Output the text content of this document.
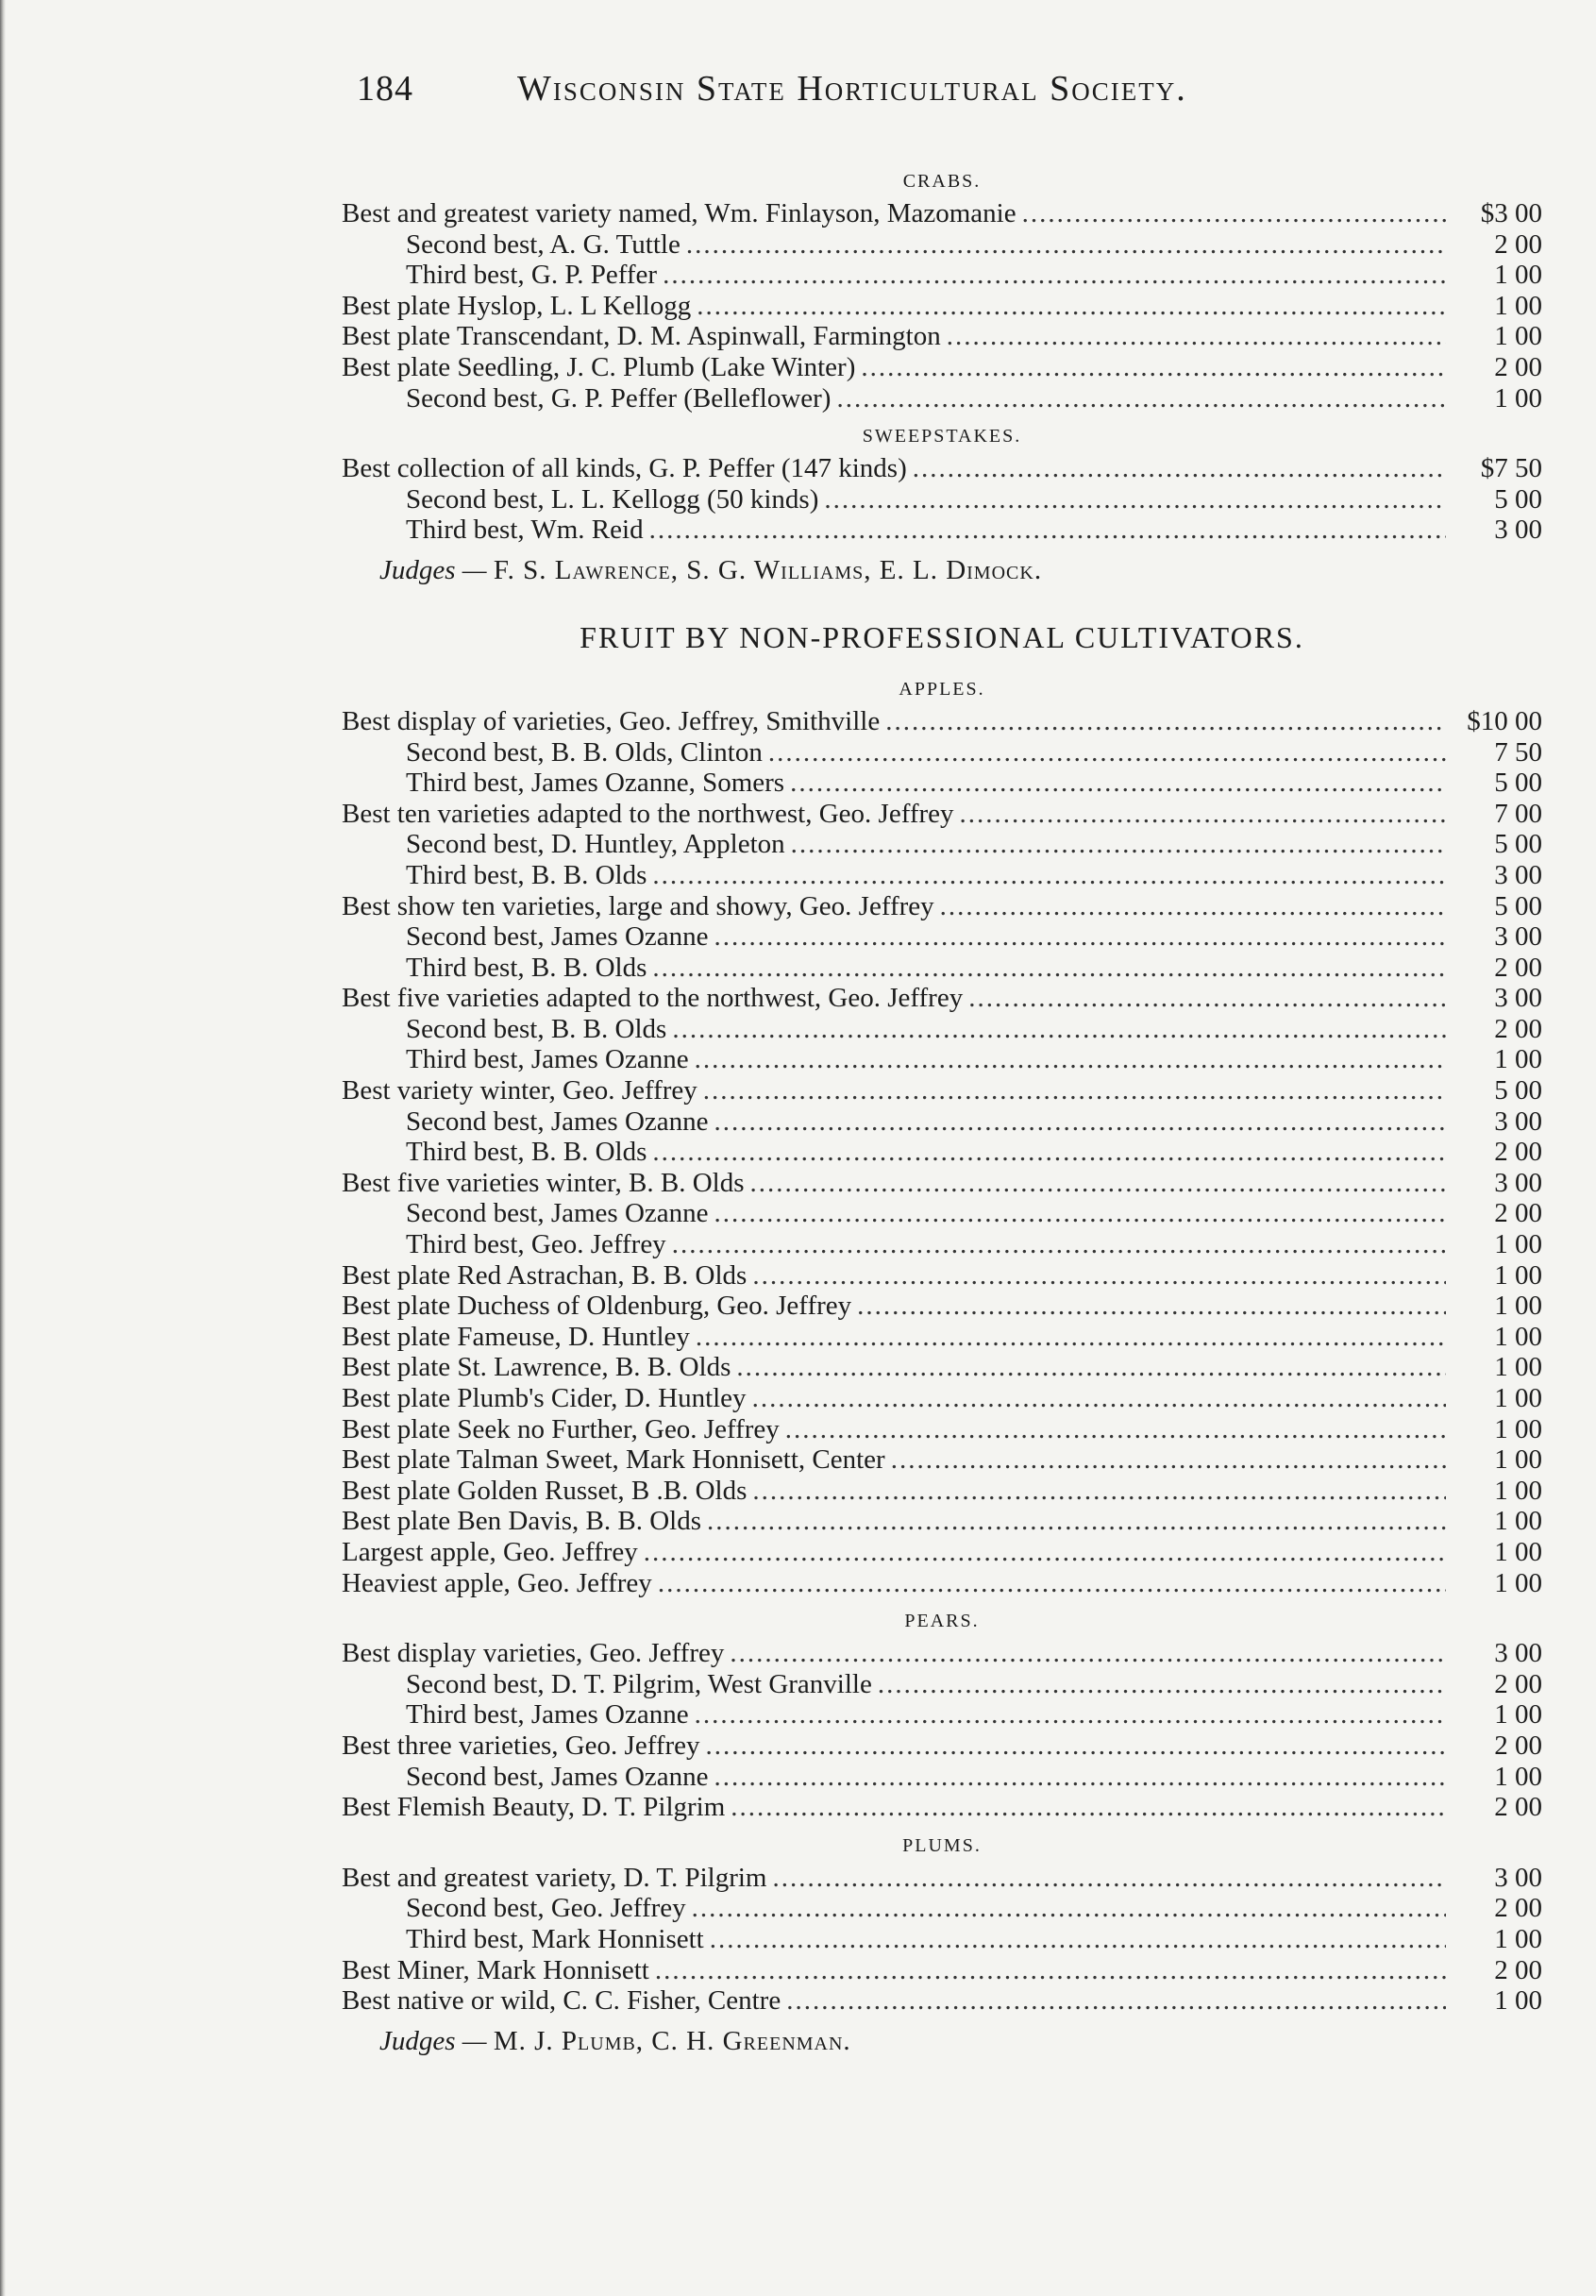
184	Wisconsin State Horticultural Society.
CRABS.
Best and greatest variety named, Wm. Finlayson, Mazomanie .....	$3 00
Second best, A. G. Tuttle .....	2 00
Third best, G. P. Peffer .....	1 00
Best plate Hyslop, L. L Kellogg .....	1 00
Best plate Transcendant, D. M. Aspinwall, Farmington .....	1 00
Best plate Seedling, J. C. Plumb (Lake Winter) .....	2 00
Second best, G. P. Peffer (Belleflower) .....	1 00
SWEEPSTAKES.
Best collection of all kinds, G. P. Peffer (147 kinds) .....	$7 50
Second best, L. L. Kellogg (50 kinds) .....	5 00
Third best, Wm. Reid .....	3 00
Judges — F. S. Lawrence, S. G. Williams, E. L. Dimock.
FRUIT BY NON-PROFESSIONAL CULTIVATORS.
APPLES.
Best display of varieties, Geo. Jeffrey, Smithville .....	$10 00
Second best, B. B. Olds, Clinton .....	7 50
Third best, James Ozanne, Somers .....	5 00
Best ten varieties adapted to the northwest, Geo. Jeffrey .....	7 00
Second best, D. Huntley, Appleton .....	5 00
Third best, B. B. Olds .....	3 00
Best show ten varieties, large and showy, Geo. Jeffrey .....	5 00
Second best, James Ozanne .....	3 00
Third best, B. B. Olds .....	2 00
Best five varieties adapted to the northwest, Geo. Jeffrey .....	3 00
Second best, B. B. Olds .....	2 00
Third best, James Ozanne .....	1 00
Best variety winter, Geo. Jeffrey .....	5 00
Second best, James Ozanne .....	3 00
Third best, B. B. Olds .....	2 00
Best five varieties winter, B. B. Olds .....	3 00
Second best, James Ozanne .....	2 00
Third best, Geo. Jeffrey .....	1 00
Best plate Red Astrachan, B. B. Olds .....	1 00
Best plate Duchess of Oldenburg, Geo. Jeffrey .....	1 00
Best plate Fameuse, D. Huntley .....	1 00
Best plate St. Lawrence, B. B. Olds .....	1 00
Best plate Plumb's Cider, D. Huntley .....	1 00
Best plate Seek no Further, Geo. Jeffrey .....	1 00
Best plate Talman Sweet, Mark Honnisett, Center .....	1 00
Best plate Golden Russet, B .B. Olds .....	1 00
Best plate Ben Davis, B. B. Olds .....	1 00
Largest apple, Geo. Jeffrey .....	1 00
Heaviest apple, Geo. Jeffrey .....	1 00
PEARS.
Best display varieties, Geo. Jeffrey .....	3 00
Second best, D. T. Pilgrim, West Granville .....	2 00
Third best, James Ozanne .....	1 00
Best three varieties, Geo. Jeffrey .....	2 00
Second best, James Ozanne .....	1 00
Best Flemish Beauty, D. T. Pilgrim .....	2 00
PLUMS.
Best and greatest variety, D. T. Pilgrim .....	3 00
Second best, Geo. Jeffrey .....	2 00
Third best, Mark Honnisett .....	1 00
Best Miner, Mark Honnisett .....	2 00
Best native or wild, C. C. Fisher, Centre .....	1 00
Judges — M. J. Plumb, C. H. Greenman.
